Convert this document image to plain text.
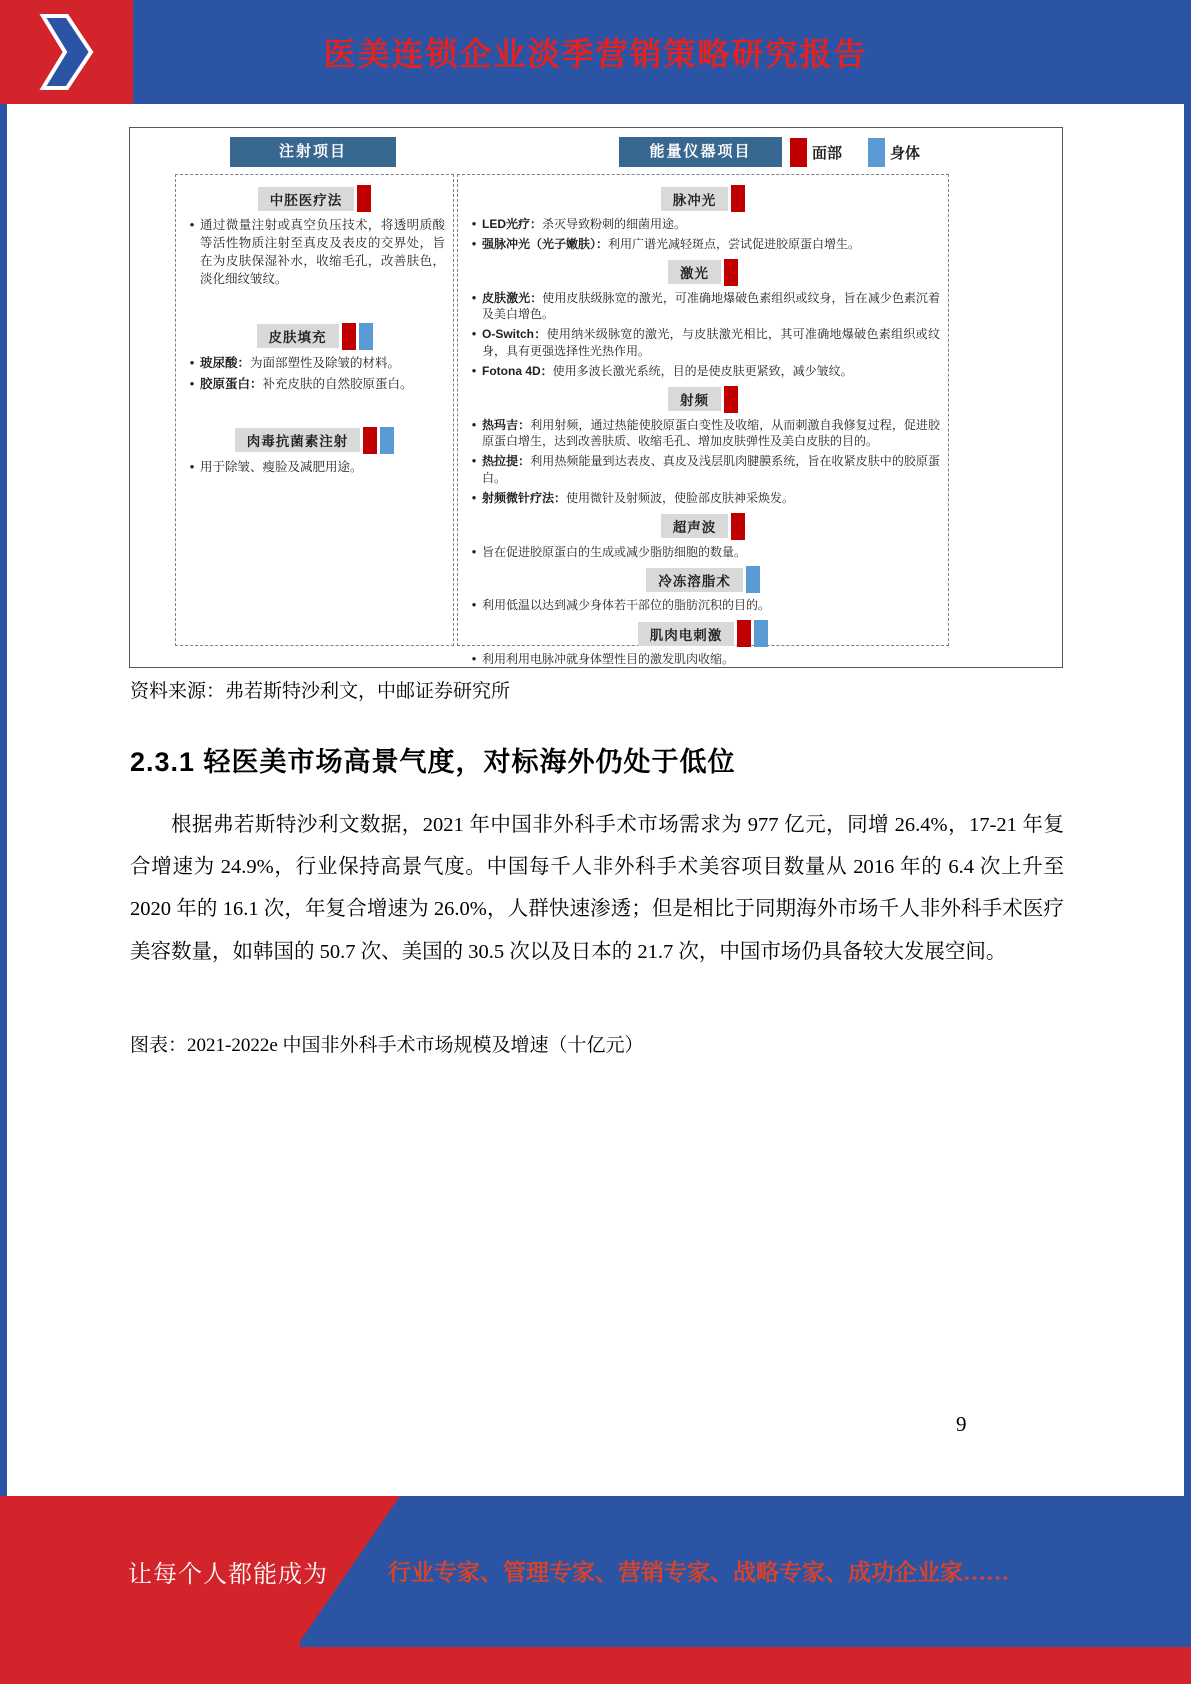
医美连锁企业淡季营销策略研究报告
注射项目	能量仪器项目	面部	身体
中胚医疗法
● 通过微量注射或真空负压技术，将透明质酸等活性物质注射至真皮及表皮的交界处，旨在为皮肤保湿补水，收缩毛孔，改善肤色，淡化细纹皱纹。

皮肤填充
● 玻尿酸：为面部塑性及除皱的材料。

● 胶原蛋白：补充皮肤的自然胶原蛋白。

肉毒抗菌素注射
● 用于除皱、瘦脸及减肥用途。

脉冲光
● LED光疗：杀灭导致粉刺的细菌用途。

● 强脉冲光（光子嫩肤）：利用广谱光减轻斑点，尝试促进胶原蛋白增生。

激光
● 皮肤激光：使用皮肤级脉宽的激光，可准确地爆破色素组织或纹身，旨在减少色素沉着及美白增色。

● O-Switch：使用纳米级脉宽的激光，与皮肤激光相比，其可准确地爆破色素组织或纹身，具有更强选择性光热作用。

● Fotona 4D：使用多波长激光系统，目的是使皮肤更紧致，减少皱纹。

射频
● 热玛吉：利用射频，通过热能使胶原蛋白变性及收缩，从而刺激自我修复过程，促进胶原蛋白增生，达到改善肤质、收缩毛孔、增加皮肤弹性及美白皮肤的目的。

● 热拉提：利用热频能量到达表皮、真皮及浅层肌肉腱膜系统，旨在收紧皮肤中的胶原蛋白。

● 射频微针疗法：使用微针及射频波，使脸部皮肤神采焕发。

超声波
● 旨在促进胶原蛋白的生成或减少脂肪细胞的数量。

冷冻溶脂术
● 利用低温以达到减少身体若干部位的脂肪沉积的目的。

肌肉电刺激
● 利用利用电脉冲就身体塑性目的激发肌肉收缩。

资料来源：弗若斯特沙利文，中邮证券研究所
2.3.1 轻医美市场高景气度，对标海外仍处于低位

根据弗若斯特沙利文数据，2021 年中国非外科手术市场需求为 977 亿元，同增 26.4%，17-21 年复合增速为 24.9%，行业保持高景气度。中国每千人非外科手术美容项目数量从 2016 年的 6.4 次上升至 2020 年的 16.1 次，年复合增速为 26.0%，人群快速渗透；但是相比于同期海外市场千人非外科手术医疗美容数量，如韩国的 50.7 次、美国的 30.5 次以及日本的 21.7 次，中国市场仍具备较大发展空间。

图表：2021-2022e 中国非外科手术市场规模及增速（十亿元）
9
让每个人都能成为	行业专家、管理专家、营销专家、战略专家、成功企业家……
